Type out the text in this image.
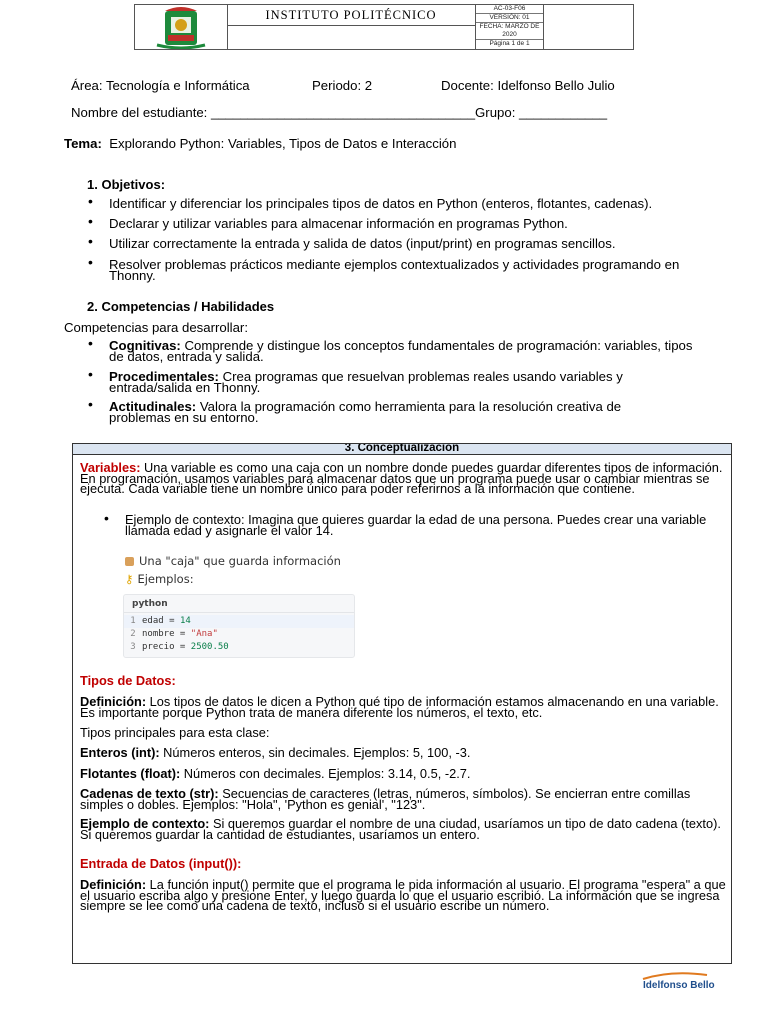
INSTITUTO POLITÉCNICO	AC-03-F06
VERSIÓN: 01
FECHA: MARZO DE 2020
Página 1 de 1
Área: Tecnología e Informática	Periodo: 2	Docente: Idelfonso Bello Julio
Nombre del estudiante: ____________________________________Grupo: ____________
Tema: Explorando Python: Variables, Tipos de Datos e Interacción
1. Objetivos:
• Identificar y diferenciar los principales tipos de datos en Python (enteros, flotantes, cadenas).
• Declarar y utilizar variables para almacenar información en programas Python.
• Utilizar correctamente la entrada y salida de datos (input/print) en programas sencillos.
• Resolver problemas prácticos mediante ejemplos contextualizados y actividades programando en Thonny.
2. Competencias / Habilidades
Competencias para desarrollar:
• Cognitivas: Comprende y distingue los conceptos fundamentales de programación: variables, tipos de datos, entrada y salida.
• Procedimentales: Crea programas que resuelvan problemas reales usando variables y entrada/salida en Thonny.
• Actitudinales: Valora la programación como herramienta para la resolución creativa de problemas en su entorno.
3. Conceptualización
Variables: Una variable es como una caja con un nombre donde puedes guardar diferentes tipos de información. En programación, usamos variables para almacenar datos que un programa puede usar o cambiar mientras se ejecuta. Cada variable tiene un nombre único para poder referirnos a la información que contiene.
• Ejemplo de contexto: Imagina que quieres guardar la edad de una persona. Puedes crear una variable llamada edad y asignarle el valor 14.
Tipos de Datos:
Definición: Los tipos de datos le dicen a Python qué tipo de información estamos almacenando en una variable. Es importante porque Python trata de manera diferente los números, el texto, etc.
Tipos principales para esta clase:
Enteros (int): Números enteros, sin decimales. Ejemplos: 5, 100, -3.
Flotantes (float): Números con decimales. Ejemplos: 3.14, 0.5, -2.7.
Cadenas de texto (str): Secuencias de caracteres (letras, números, símbolos). Se encierran entre comillas simples o dobles. Ejemplos: "Hola", 'Python es genial', "123".
Ejemplo de contexto: Si queremos guardar el nombre de una ciudad, usaríamos un tipo de dato cadena (texto). Si queremos guardar la cantidad de estudiantes, usaríamos un entero.
Entrada de Datos (input()):
Definición: La función input() permite que el programa le pida información al usuario. El programa "espera" a que el usuario escriba algo y presione Enter, y luego guarda lo que el usuario escribió. La información que se ingresa siempre se lee como una cadena de texto, incluso si el usuario escribe un número.
Una "caja" que guarda información
⚷ Ejemplos:
python
1 edad = 14
2 nombre = "Ana"
3 precio = 2500.50
Idelfonso Bello
